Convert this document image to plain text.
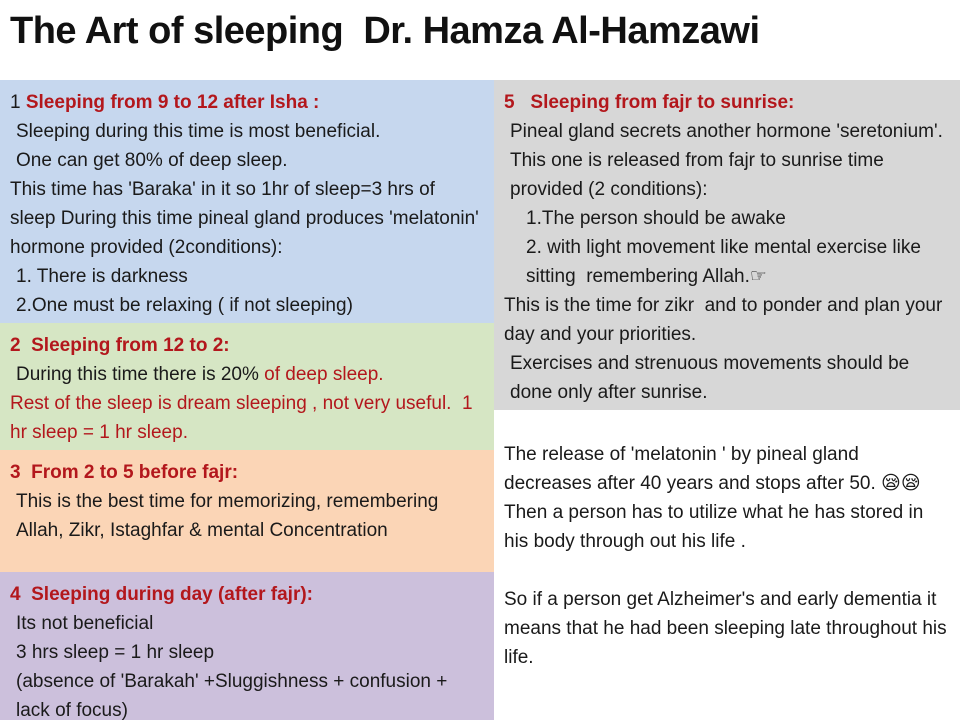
The Art of sleeping  Dr. Hamza Al-Hamzawi

1 Sleeping from 9 to 12 after Isha :

Sleeping during this time is most beneficial.

One can get 80% of deep sleep.

This time has 'Baraka' in it so 1hr of sleep=3 hrs of sleep During this time pineal gland produces 'melatonin' hormone provided (2conditions):

1. There is darkness

2.One must be relaxing ( if not sleeping)

2  Sleeping from 12 to 2:

During this time there is 20% of deep sleep.

Rest of the sleep is dream sleeping , not very useful.  1 hr sleep = 1 hr sleep.

3  From 2 to 5 before fajr:

This is the best time for memorizing, remembering Allah, Zikr, Istaghfar & mental Concentration

4  Sleeping during day (after fajr):

Its not beneficial

3 hrs sleep = 1 hr sleep

(absence of 'Barakah' +Sluggishness + confusion + lack of focus)

5   Sleeping from fajr to sunrise:

Pineal gland secrets another hormone 'seretonium'. This one is released from fajr to sunrise time provided (2 conditions):

1.The person should be awake

2. with light movement like mental exercise like sitting  remembering Allah.☞

This is the time for zikr  and to ponder and plan your day and your priorities.

Exercises and strenuous movements should be done only after sunrise.

The release of 'melatonin ' by pineal gland decreases after 40 years and stops after 50. 😪😪 Then a person has to utilize what he has stored in his body through out his life .

So if a person get Alzheimer's and early dementia it means that he had been sleeping late throughout his life.
